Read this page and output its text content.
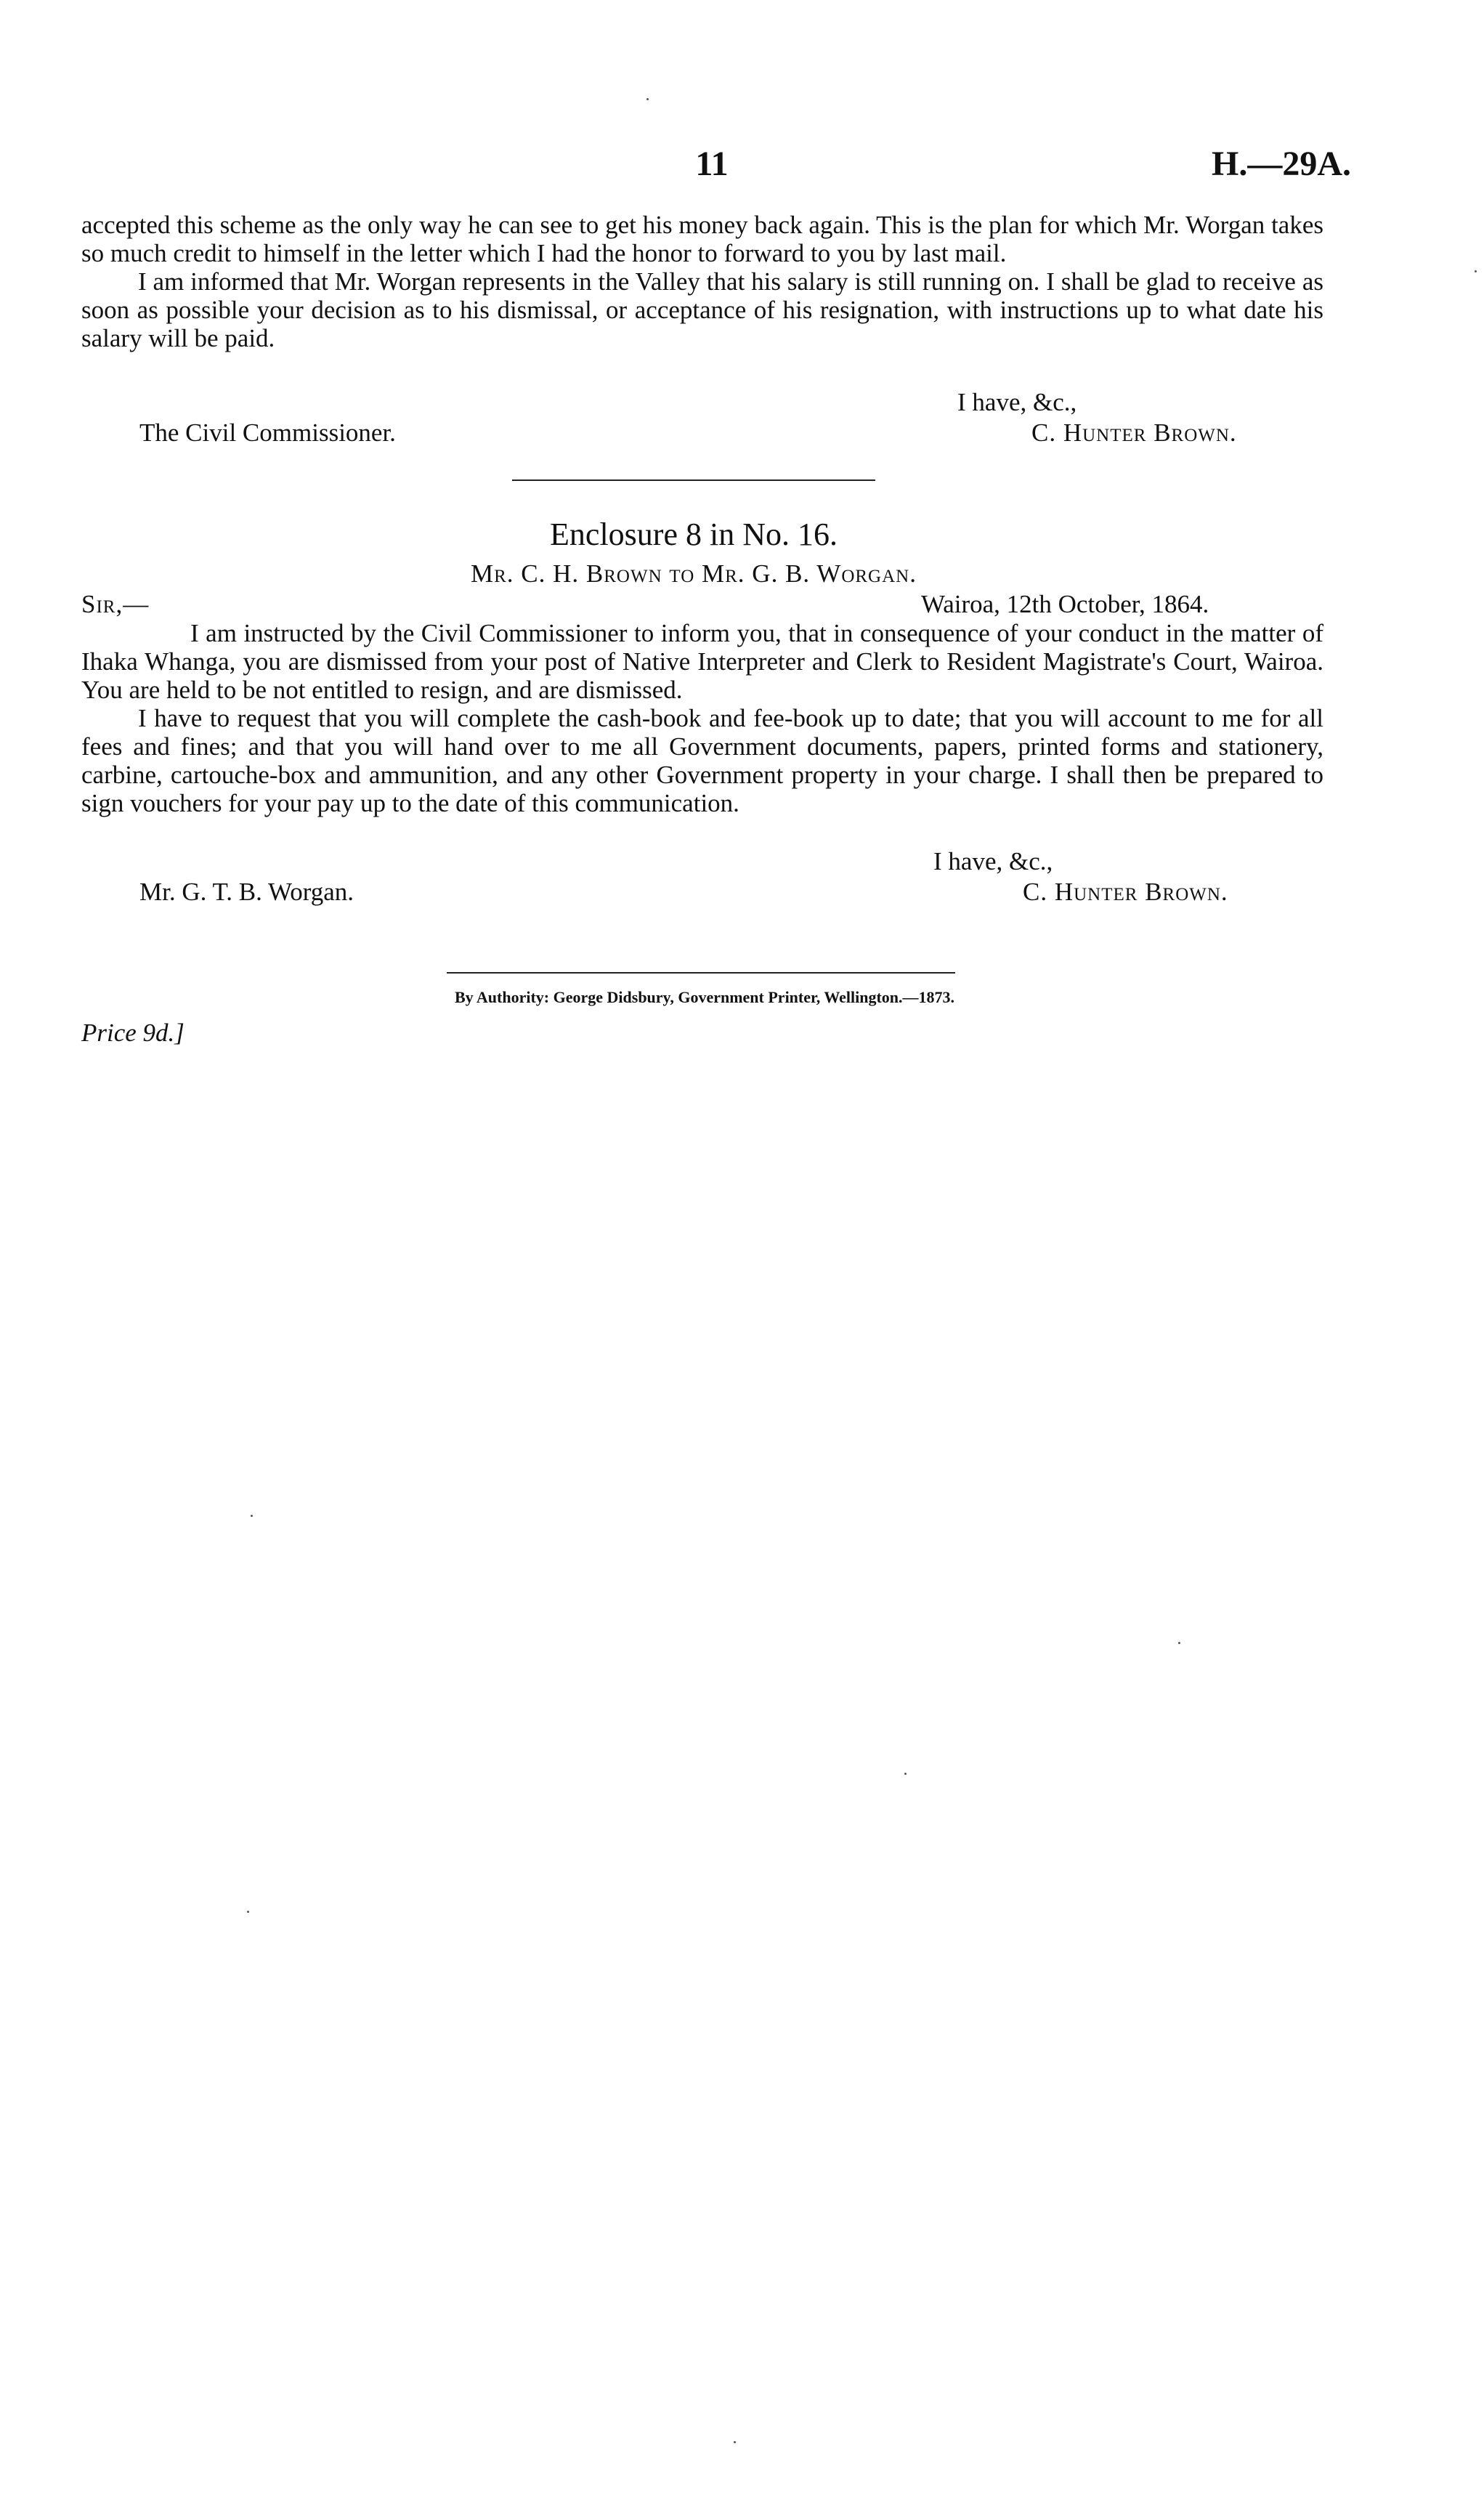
11	H.—29A.

accepted this scheme as the only way he can see to get his money back again. This is the plan for which Mr. Worgan takes so much credit to himself in the letter which I had the honor to forward to you by last mail.

I am informed that Mr. Worgan represents in the Valley that his salary is still running on. I shall be glad to receive as soon as possible your decision as to his dismissal, or acceptance of his resignation, with instructions up to what date his salary will be paid.

I have, &c.,
The Civil Commissioner.	C. Hunter Brown.
Enclosure 8 in No. 16.
Mr. C. H. Brown to Mr. G. B. Worgan.
Sir,—	Wairoa, 12th October, 1864.

I am instructed by the Civil Commissioner to inform you, that in consequence of your conduct in the matter of Ihaka Whanga, you are dismissed from your post of Native Interpreter and Clerk to Resident Magistrate's Court, Wairoa. You are held to be not entitled to resign, and are dismissed.

I have to request that you will complete the cash-book and fee-book up to date; that you will account to me for all fees and fines; and that you will hand over to me all Government documents, papers, printed forms and stationery, carbine, cartouche-box and ammunition, and any other Government property in your charge. I shall then be prepared to sign vouchers for your pay up to the date of this communication.

I have, &c.,
Mr. G. T. B. Worgan.	C. Hunter Brown.
By Authority: George Didsbury, Government Printer, Wellington.—1873.
Price 9d.]
